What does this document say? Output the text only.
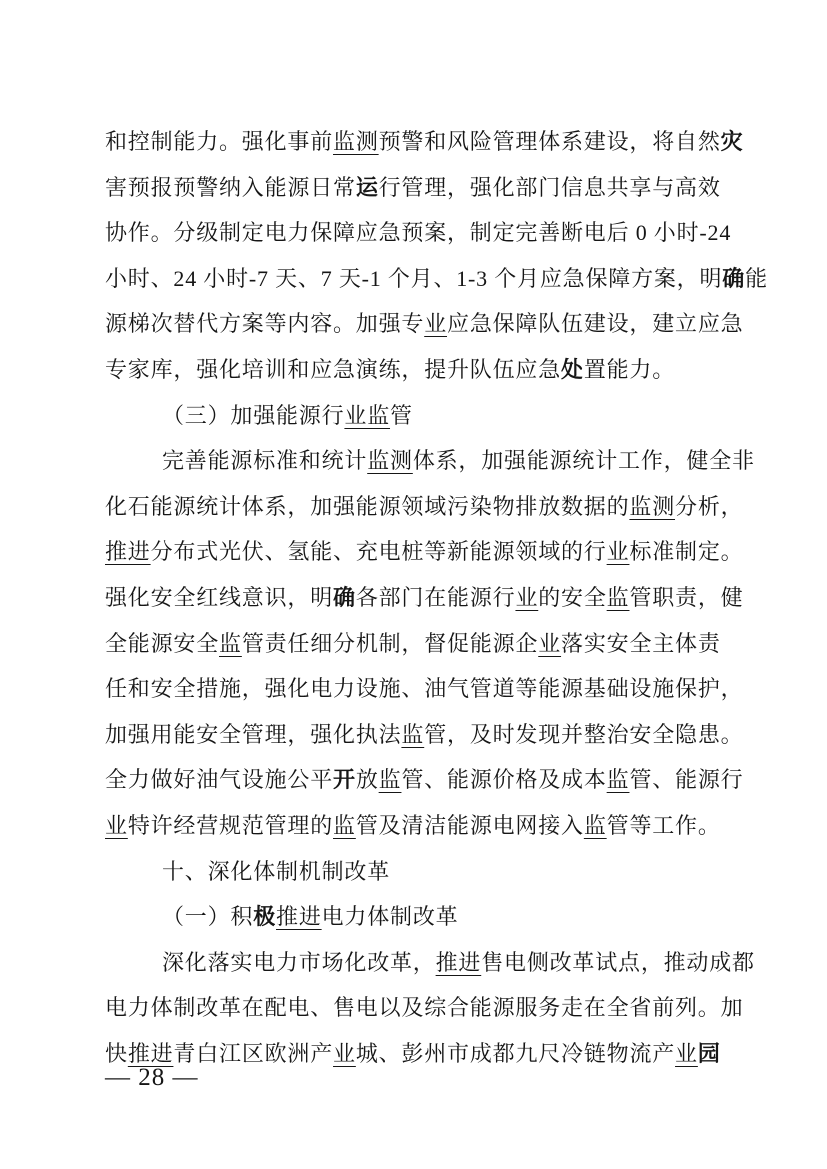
和控制能力。强化事前监测预警和风险管理体系建设，将自然灾
害预报预警纳入能源日常运行管理，强化部门信息共享与高效
协作。分级制定电力保障应急预案，制定完善断电后 0 小时-24
小时、24 小时-7 天、7 天-1 个月、1-3 个月应急保障方案，明确能
源梯次替代方案等内容。加强专业应急保障队伍建设，建立应急
专家库，强化培训和应急演练，提升队伍应急处置能力。
（三）加强能源行业监管
完善能源标准和统计监测体系，加强能源统计工作，健全非
化石能源统计体系，加强能源领域污染物排放数据的监测分析，
推进分布式光伏、氢能、充电桩等新能源领域的行业标准制定。
强化安全红线意识，明确各部门在能源行业的安全监管职责，健
全能源安全监管责任细分机制，督促能源企业落实安全主体责
任和安全措施，强化电力设施、油气管道等能源基础设施保护，
加强用能安全管理，强化执法监管，及时发现并整治安全隐患。
全力做好油气设施公平开放监管、能源价格及成本监管、能源行
业特许经营规范管理的监管及清洁能源电网接入监管等工作。
十、深化体制机制改革
（一）积极推进电力体制改革
深化落实电力市场化改革，推进售电侧改革试点，推动成都
电力体制改革在配电、售电以及综合能源服务走在全省前列。加
快推进青白江区欧洲产业城、彭州市成都九尺冷链物流产业园
— 28 —
